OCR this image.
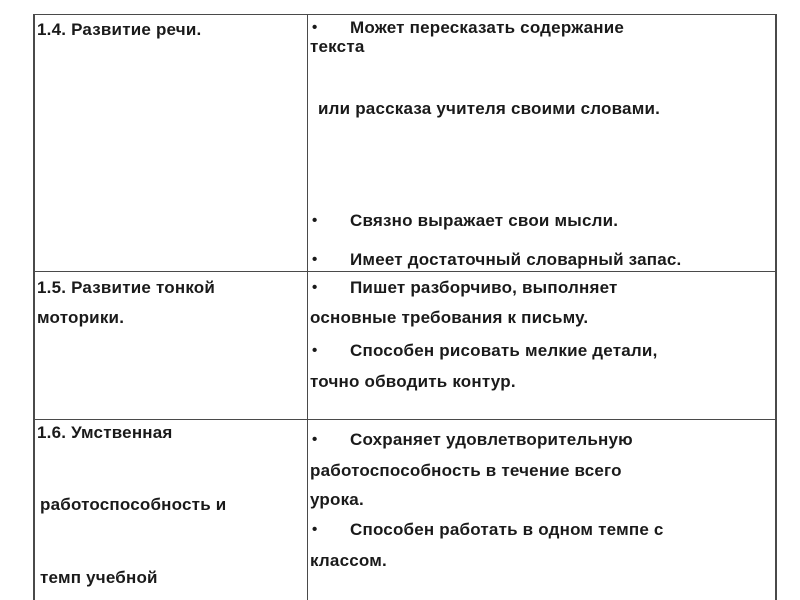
1.4. Развитие речи.	• Может пересказать содержание
текста
или рассказа учителя своими словами.
• Связно выражает свои мысли.
• Имеет достаточный словарный запас.
1.5. Развитие тонкой
моторики.
• Пишет разборчиво, выполняет
основные требования к письму.
• Способен рисовать мелкие детали,
точно обводить контур.
1.6. Умственная
работоспособность и
темп учебной
• Сохраняет удовлетворительную
работоспособность в течение всего
урока.
• Способен работать в одном темпе с
классом.
